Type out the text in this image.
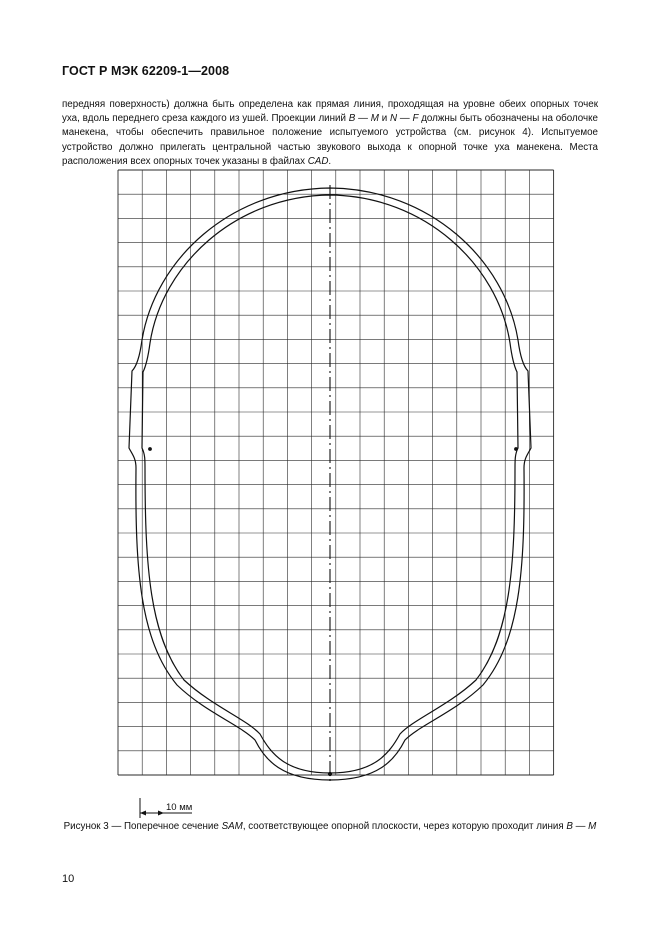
ГОСТ Р МЭК 62209-1—2008
передняя поверхность) должна быть определена как прямая линия, проходящая на уровне обеих опорных точек уха, вдоль переднего среза каждого из ушей. Проекции линий B — M и N — F должны быть обозначены на оболочке манекена, чтобы обеспечить правильное положение испытуемого устройства (см. рисунок 4). Испытуемое устройство должно прилегать центральной частью звукового выхода к опорной точке уха манекена. Места расположения всех опорных точек указаны в файлах CAD.
10 мм
Рисунок 3 — Поперечное сечение SAM, соответствующее опорной плоскости, через которую проходит линия B — M
10
